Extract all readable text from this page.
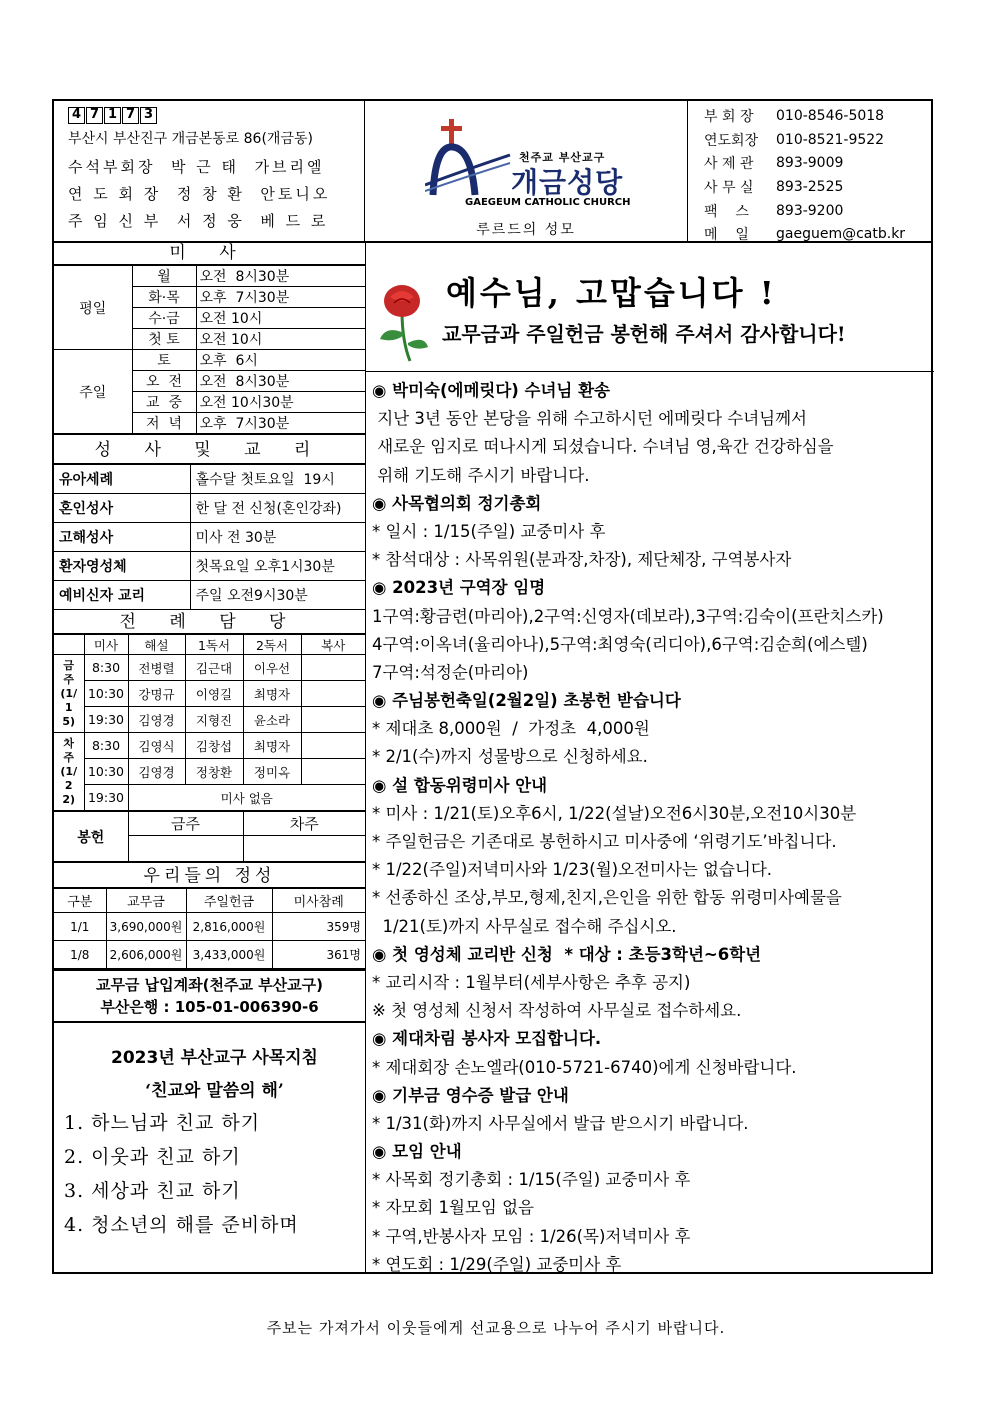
4 7 1 7 3
부산시 부산진구 개금본동로 86(개금동)
수석부회장 박 근 태 가브리엘
연 도 회 장 정 창 환 안토니오
주 임 신 부 서 정 웅 베 드 로
천주교 부산교구
개금성당
GAEGEUM CATHOLIC CHURCH
루르드의 성모
부 회 장	010-8546-5018
연도회장	010-8521-9522
사 제 관	893-9009
사 무 실	893-2525
팩    스	893-9200
메    일	gaeguem@catb.kr
미 사
평일	월	오전  8시30분
	화·목	오후  7시30분
	수·금	오전 10시
	첫 토	오전 10시
주일	토	오후  6시
	오  전	오전  8시30분
	교  중	오전 10시30분
	저  녁	오후  7시30분
성 사 및 교 리
유아세례	홀수달 첫토요일  19시
혼인성사	한 달 전 신청(혼인강좌)
고해성사	미사 전 30분
환자영성체	첫목요일 오후1시30분
예비신자 교리	주일 오전9시30분
전 례 담 당
	미사	해설	1독서	2독서	복사
금주(1/15)	8:30	전병렬	김근대	이우선	
	10:30	강명규	이영길	최명자	
	19:30	김영경	지형진	윤소라	
차주(1/22)	8:30	김영식	김창섭	최명자	
	10:30	김영경	정창환	정미옥	
	19:30	미사 없음			
봉헌	금주	차주

우리들의 정성
구분	교무금	주일헌금	미사참례
1/1	3,690,000원	2,816,000원	359명
1/8	2,606,000원	3,433,000원	361명
교무금 납입계좌(천주교 부산교구)
부산은행 : 105-01-006390-6
2023년 부산교구 사목지침
‘친교와 말씀의 해’
1. 하느님과 친교 하기
2. 이웃과 친교 하기
3. 세상과 친교 하기
4. 청소년의 해를 준비하며
예수님, 고맙습니다 !
교무금과 주일헌금 봉헌해 주셔서 감사합니다!
◉ 박미숙(에메릿다) 수녀님 환송
지난 3년 동안 본당을 위해 수고하시던 에메릿다 수녀님께서
새로운 임지로 떠나시게 되셨습니다. 수녀님 영,육간 건강하심을
위해 기도해 주시기 바랍니다.
◉ 사목협의회 정기총회
* 일시 : 1/15(주일) 교중미사 후
* 참석대상 : 사목위원(분과장,차장), 제단체장, 구역봉사자
◉ 2023년 구역장 임명
1구역:황금련(마리아),2구역:신영자(데보라),3구역:김숙이(프란치스카)
4구역:이옥녀(율리아나),5구역:최영숙(리디아),6구역:김순희(에스텔)
7구역:석정순(마리아)
◉ 주님봉헌축일(2월2일) 초봉헌 받습니다
* 제대초 8,000원  /  가정초  4,000원
* 2/1(수)까지 성물방으로 신청하세요.
◉ 설 합동위령미사 안내
* 미사 : 1/21(토)오후6시, 1/22(설날)오전6시30분,오전10시30분
* 주일헌금은 기존대로 봉헌하시고 미사중에 ‘위령기도’바칩니다.
* 1/22(주일)저녁미사와 1/23(월)오전미사는 없습니다.
* 선종하신 조상,부모,형제,친지,은인을 위한 합동 위령미사예물을
1/21(토)까지 사무실로 접수해 주십시오.
◉ 첫 영성체 교리반 신청  * 대상 : 초등3학년~6학년
* 교리시작 : 1월부터(세부사항은 추후 공지)
※ 첫 영성체 신청서 작성하여 사무실로 접수하세요.
◉ 제대차림 봉사자 모집합니다.
* 제대회장 손노엘라(010-5721-6740)에게 신청바랍니다.
◉ 기부금 영수증 발급 안내
* 1/31(화)까지 사무실에서 발급 받으시기 바랍니다.
◉ 모임 안내
* 사목회 정기총회 : 1/15(주일) 교중미사 후
* 자모회 1월모임 없음
* 구역,반봉사자 모임 : 1/26(목)저녁미사 후
* 연도회 : 1/29(주일) 교중미사 후
주보는 가져가서 이웃들에게 선교용으로 나누어 주시기 바랍니다.
